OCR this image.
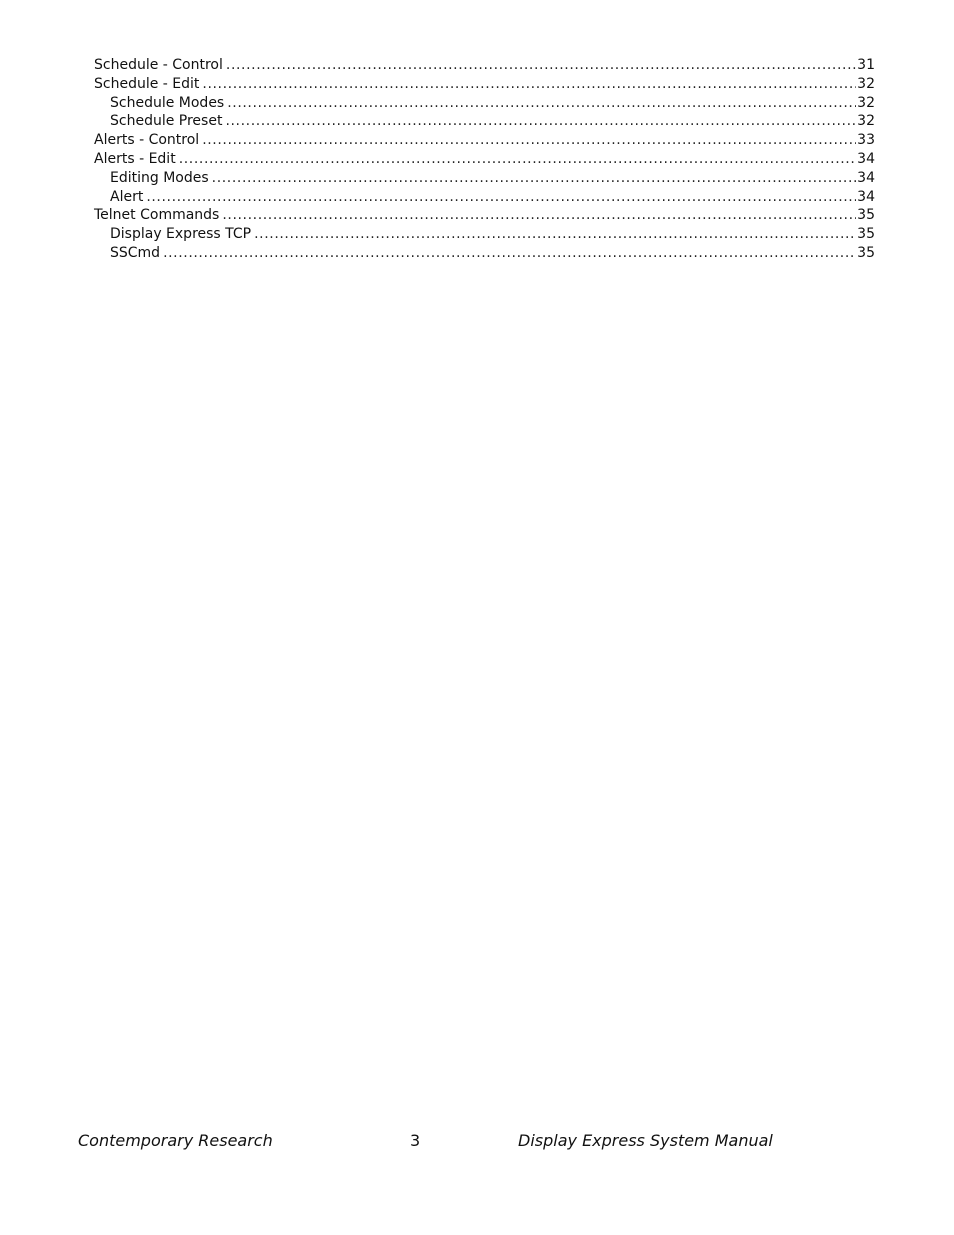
Schedule - Control .....	31
Schedule - Edit .....	32
Schedule Modes .....	32
Schedule Preset .....	32
Alerts - Control .....	33
Alerts - Edit .....	34
Editing Modes .....	34
Alert .....	34
Telnet Commands .....	35
Display Express TCP .....	35
SSCmd .....	35
Contemporary Research	3	Display Express System Manual
